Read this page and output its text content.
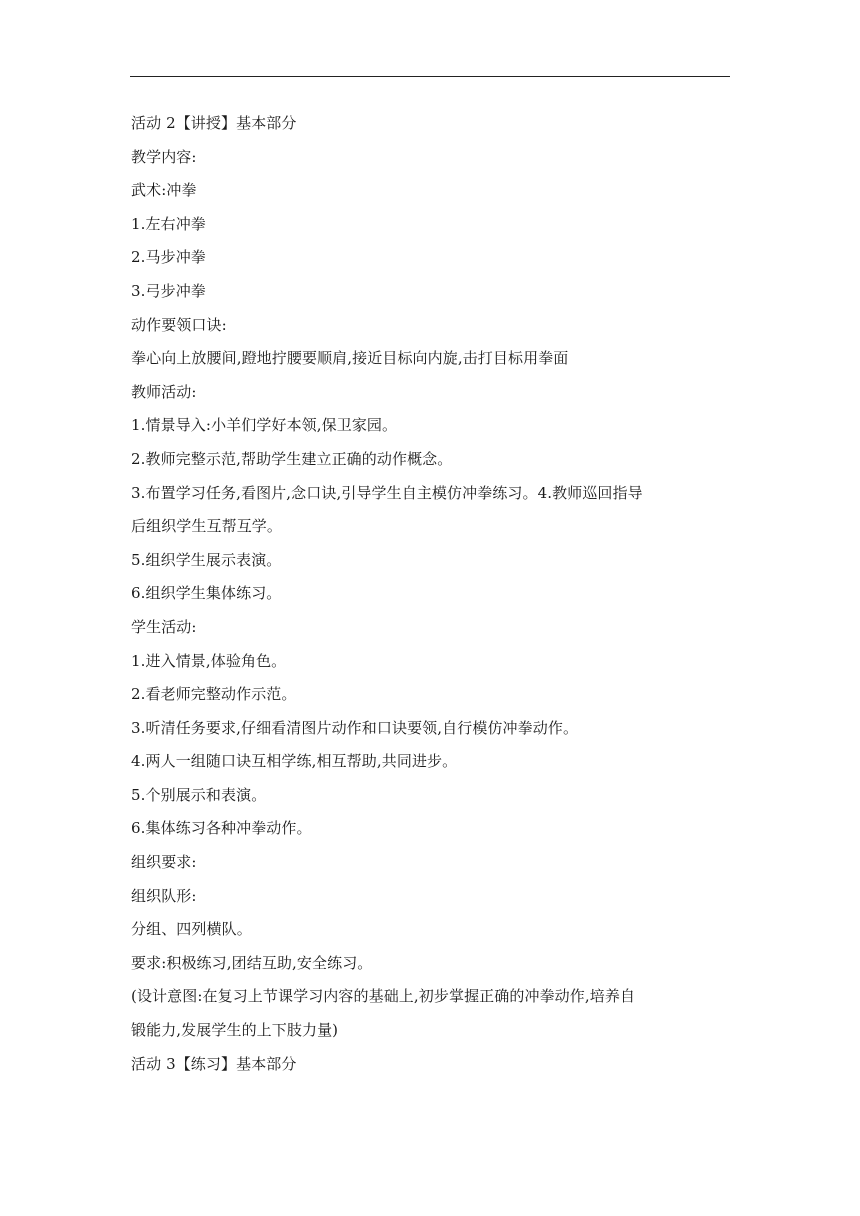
活动 2【讲授】基本部分
教学内容:
武术:冲拳
1.左右冲拳
2.马步冲拳
3.弓步冲拳
动作要领口诀:
拳心向上放腰间,蹬地拧腰要顺肩,接近目标向内旋,击打目标用拳面
教师活动:
1.情景导入:小羊们学好本领,保卫家园。
2.教师完整示范,帮助学生建立正确的动作概念。
3.布置学习任务,看图片,念口诀,引导学生自主模仿冲拳练习。4.教师巡回指导
后组织学生互帮互学。
5.组织学生展示表演。
6.组织学生集体练习。
学生活动:
1.进入情景,体验角色。
2.看老师完整动作示范。
3.听清任务要求,仔细看清图片动作和口诀要领,自行模仿冲拳动作。
4.两人一组随口诀互相学练,相互帮助,共同进步。
5.个别展示和表演。
6.集体练习各种冲拳动作。
组织要求:
组织队形:
分组、四列横队。
要求:积极练习,团结互助,安全练习。
(设计意图:在复习上节课学习内容的基础上,初步掌握正确的冲拳动作,培养自
锻能力,发展学生的上下肢力量)
活动 3【练习】基本部分
